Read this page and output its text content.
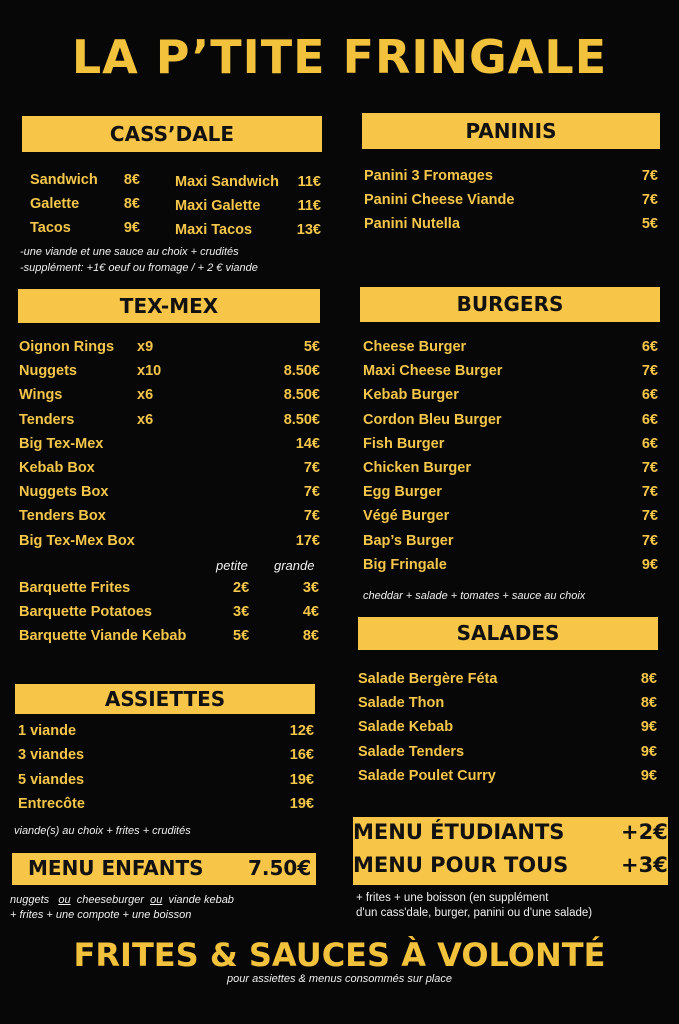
LA P’TITE FRINGALE
CASS’DALE
Sandwich 8€
Galette	8€
Tacos	9€
Maxi Sandwich 11€
Maxi Galette	11€
Maxi Tacos	13€
-une viande et une sauce au choix + crudités
-supplément: +1€ oeuf ou fromage / + 2 € viande
PANINIS
Panini 3 Fromages	7€
Panini Cheese Viande	7€
Panini Nutella	5€
TEX-MEX
Oignon Rings x9	5€
Nuggets	x10	8.50€
Wings	x6	8.50€
Tenders	x6	8.50€
Big Tex-Mex	14€
Kebab Box	7€
Nuggets Box	7€
Tenders Box	7€
Big Tex-Mex Box	17€
petite grande
Barquette Frites	2€	3€
Barquette Potatoes	3€	4€
Barquette Viande Kebab	5€	8€
BURGERS
Cheese Burger	6€
Maxi Cheese Burger	7€
Kebab Burger	6€
Cordon Bleu Burger	6€
Fish Burger	6€
Chicken Burger	7€
Egg Burger	7€
Végé Burger	7€
Bap’s Burger	7€
Big Fringale	9€
cheddar + salade + tomates + sauce au choix
SALADES
Salade Bergère Féta	8€
Salade Thon	8€
Salade Kebab	9€
Salade Tenders	9€
Salade Poulet Curry	9€
ASSIETTES
1 viande	12€
3 viandes	16€
5 viandes	19€
Entrecôte	19€
viande(s) au choix + frites + crudités
MENU ENFANTS 7.50€
nuggets ou cheeseburger ou viande kebab
+ frites + une compote + une boisson
MENU ÉTUDIANTS	+2€
MENU POUR TOUS	+3€
+ frites + une boisson (en supplément
d'un cass'dale, burger, panini ou d'une salade)
FRITES & SAUCES À VOLONTÉ
pour assiettes & menus consommés sur place
